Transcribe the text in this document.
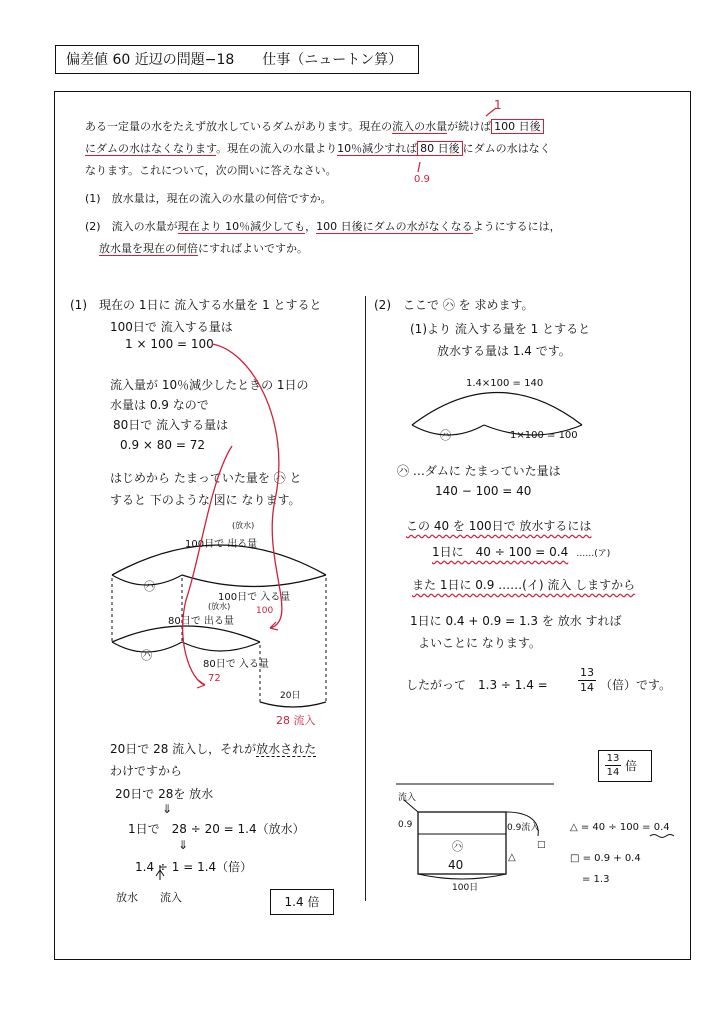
偏差値 60 近辺の問題−18　　仕事（ニュートン算）
ある一定量の水をたえず放水しているダムがあります。現在の流入の水量が続けば 100 日後
にダムの水はなくなります。現在の流入の水量より10％減少すれば 80 日後 にダムの水はなく
なります。これについて，次の問いに答えなさい。
(1)　放水量は，現在の流入の水量の何倍ですか。
(2)　流入の水量が現在より 10％減少しても，100 日後にダムの水がなくなるようにするには，
放水量を現在の何倍にすればよいですか。
1
0.9
(1)　現在の 1日に 流入する水量を 1 とすると
100日で 流入する量は
1 × 100 = 100
流入量が 10％減少したときの 1日の
水量は 0.9 なので
80日で 流入する量は
0.9 × 80 = 72
はじめから たまっていた量を ㋩ と
すると 下のような 図に なります。
(放水)
100日で 出る量
㋩
100日で 入る量
(放水)
80日で 出る量
100
㋩
80日で 入る量
72
20日
28 流入
20日で 28 流入し，それが放水された
わけですから
20日で 28を 放水
⇓
1日で　28 ÷ 20 = 1.4（放水）
⇓
1.4 ÷ 1 = 1.4（倍）
放水 流入	1.4 倍
(2)　ここで ㋩ を 求めます。
(1)より 流入する量を 1 とすると
放水する量は 1.4 です。
1.4×100 = 140
㋩	1×100 = 100
㋩ …ダムに たまっていた量は
140 − 100 = 40
この 40 を 100日で 放水するには
1日に　40 ÷ 100 = 0.4 ……(ア)
また 1日に 0.9 ……(イ) 流入 しますから
1日に 0.4 + 0.9 = 1.3 を 放水 すれば
よいことに なります。
したがって　1.3 ÷ 1.4 =	$\frac{13}{14}$ （倍）です。
$\frac{13}{14}$ 倍
流入
0.9	0.9流入
㋩
40
△
□
100日
△ = 40 ÷ 100 = 0.4
□ = 0.9 + 0.4
= 1.3
